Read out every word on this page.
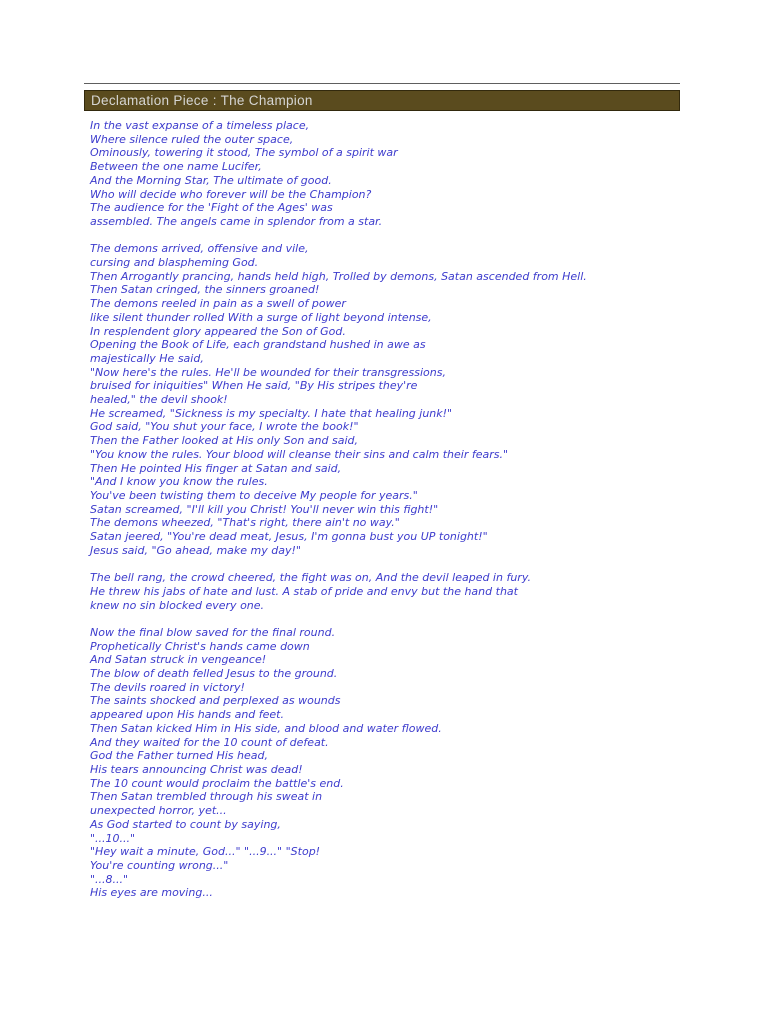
Declamation Piece : The Champion
In the vast expanse of a timeless place,
Where silence ruled the outer space,
Ominously, towering it stood, The symbol of a spirit war
Between the one name Lucifer,
And the Morning Star, The ultimate of good.
Who will decide who forever will be the Champion?
The audience for the 'Fight of the Ages' was
assembled. The angels came in splendor from a star.
The demons arrived, offensive and vile,
cursing and blaspheming God.
Then Arrogantly prancing, hands held high, Trolled by demons, Satan ascended from Hell.
Then Satan cringed, the sinners groaned!
The demons reeled in pain as a swell of power
like silent thunder rolled With a surge of light beyond intense,
In resplendent glory appeared the Son of God.
Opening the Book of Life, each grandstand hushed in awe as
majestically He said,
"Now here's the rules. He'll be wounded for their transgressions,
bruised for iniquities" When He said, "By His stripes they're
healed," the devil shook!
He screamed, "Sickness is my specialty. I hate that healing junk!"
God said, "You shut your face, I wrote the book!"
Then the Father looked at His only Son and said,
"You know the rules. Your blood will cleanse their sins and calm their fears."
Then He pointed His finger at Satan and said,
"And I know you know the rules.
You've been twisting them to deceive My people for years."
Satan screamed, "I'll kill you Christ! You'll never win this fight!"
The demons wheezed, "That's right, there ain't no way."
Satan jeered, "You're dead meat, Jesus, I'm gonna bust you UP tonight!"
Jesus said, "Go ahead, make my day!"
The bell rang, the crowd cheered, the fight was on, And the devil leaped in fury.
He threw his jabs of hate and lust. A stab of pride and envy but the hand that
knew no sin blocked every one.
Now the final blow saved for the final round.
Prophetically Christ's hands came down
And Satan struck in vengeance!
The blow of death felled Jesus to the ground.
The devils roared in victory!
The saints shocked and perplexed as wounds
appeared upon His hands and feet.
Then Satan kicked Him in His side, and blood and water flowed.
And they waited for the 10 count of defeat.
God the Father turned His head,
His tears announcing Christ was dead!
The 10 count would proclaim the battle's end.
Then Satan trembled through his sweat in
unexpected horror, yet...
As God started to count by saying,
"...10..."
"Hey wait a minute, God..." "...9..." "Stop!
You're counting wrong..."
"...8..."
His eyes are moving...
